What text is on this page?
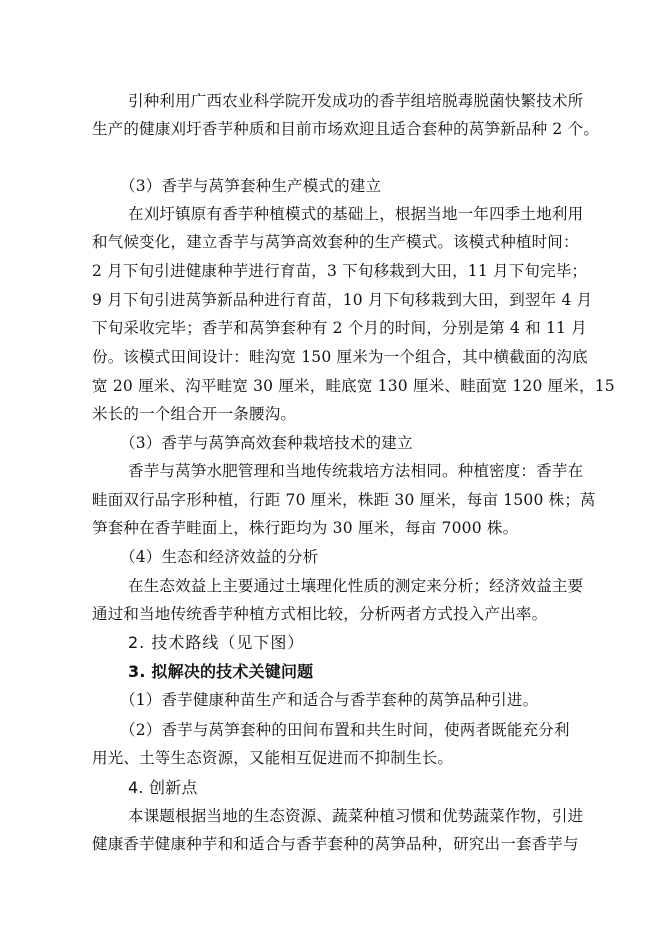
引种利用广西农业科学院开发成功的香芋组培脱毒脱菌快繁技术所
生产的健康刈圩香芋种质和目前市场欢迎且适合套种的莴笋新品种 2 个。
（3）香芋与莴笋套种生产模式的建立
在刈圩镇原有香芋种植模式的基础上，根据当地一年四季土地利用
和气候变化，建立香芋与莴笋高效套种的生产模式。该模式种植时间：
2 月下旬引进健康种芋进行育苗，3 下旬移栽到大田，11 月下旬完毕；
9 月下旬引进莴笋新品种进行育苗，10 月下旬移栽到大田，到翌年 4 月
下旬采收完毕；香芋和莴笋套种有 2 个月的时间，分别是第 4 和 11 月
份。该模式田间设计：畦沟宽 150 厘米为一个组合，其中横截面的沟底
宽 20 厘米、沟平畦宽 30 厘米，畦底宽 130 厘米、畦面宽 120 厘米，15
米长的一个组合开一条腰沟。
（3）香芋与莴笋高效套种栽培技术的建立
香芋与莴笋水肥管理和当地传统栽培方法相同。种植密度：香芋在
畦面双行品字形种植，行距 70 厘米，株距 30 厘米，每亩 1500 株；莴
笋套种在香芋畦面上，株行距均为 30 厘米，每亩 7000 株。
（4）生态和经济效益的分析
在生态效益上主要通过土壤理化性质的测定来分析；经济效益主要
通过和当地传统香芋种植方式相比较，分析两者方式投入产出率。
2. 技术路线（见下图）
3. 拟解决的技术关键问题
（1）香芋健康种苗生产和适合与香芋套种的莴笋品种引进。
（2）香芋与莴笋套种的田间布置和共生时间，使两者既能充分利
用光、土等生态资源，又能相互促进而不抑制生长。
4. 创新点
本课题根据当地的生态资源、蔬菜种植习惯和优势蔬菜作物，引进
健康香芋健康种芋和和适合与香芋套种的莴笋品种，研究出一套香芋与
